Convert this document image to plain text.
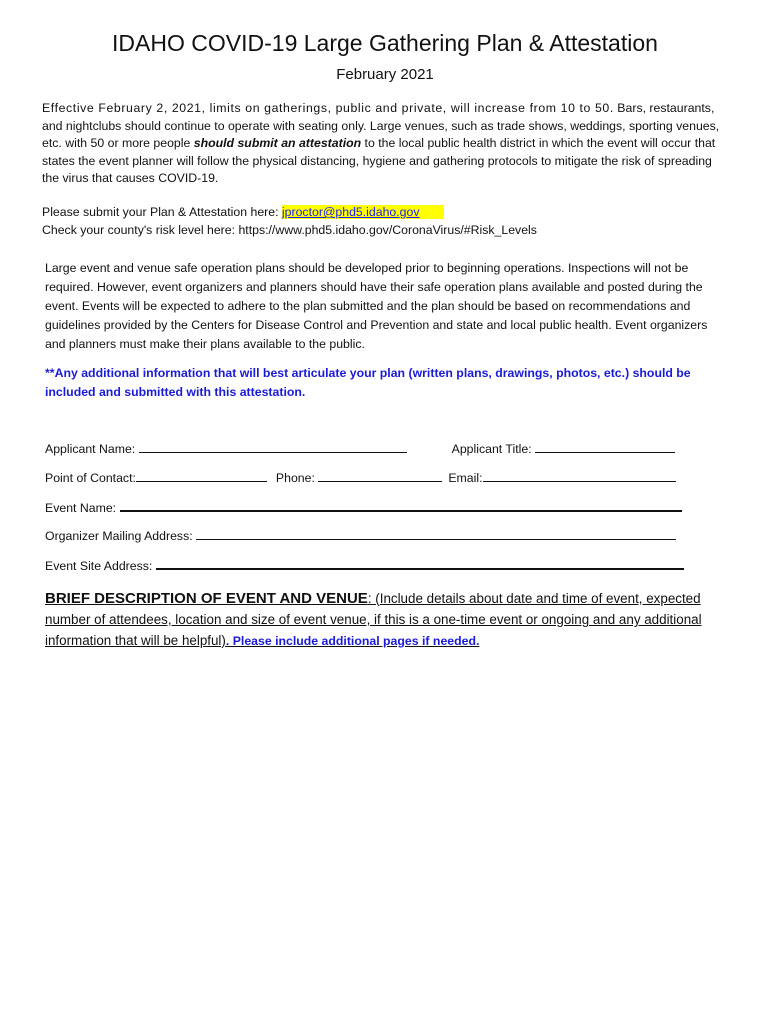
IDAHO COVID-19 Large Gathering Plan & Attestation
February 2021
Effective February 2, 2021, limits on gatherings, public and private, will increase from 10 to 50. Bars, restaurants, and nightclubs should continue to operate with seating only. Large venues, such as trade shows, weddings, sporting venues, etc. with 50 or more people should submit an attestation to the local public health district in which the event will occur that states the event planner will follow the physical distancing, hygiene and gathering protocols to mitigate the risk of spreading the virus that causes COVID-19.
Please submit your Plan & Attestation here: jproctor@phd5.idaho.gov
Check your county's risk level here: https://www.phd5.idaho.gov/CoronaVirus/#Risk_Levels
Large event and venue safe operation plans should be developed prior to beginning operations. Inspections will not be required. However, event organizers and planners should have their safe operation plans available and posted during the event. Events will be expected to adhere to the plan submitted and the plan should be based on recommendations and guidelines provided by the Centers for Disease Control and Prevention and state and local public health. Event organizers and planners must make their plans available to the public.
**Any additional information that will best articulate your plan (written plans, drawings, photos, etc.) should be included and submitted with this attestation.
Applicant Name:	Applicant Title:
Point of Contact:	Phone:	Email:
Event Name:
Organizer Mailing Address:
Event Site Address:
BRIEF DESCRIPTION OF EVENT AND VENUE: (Include details about date and time of event, expected number of attendees, location and size of event venue, if this is a one-time event or ongoing and any additional information that will be helpful). Please include additional pages if needed.
